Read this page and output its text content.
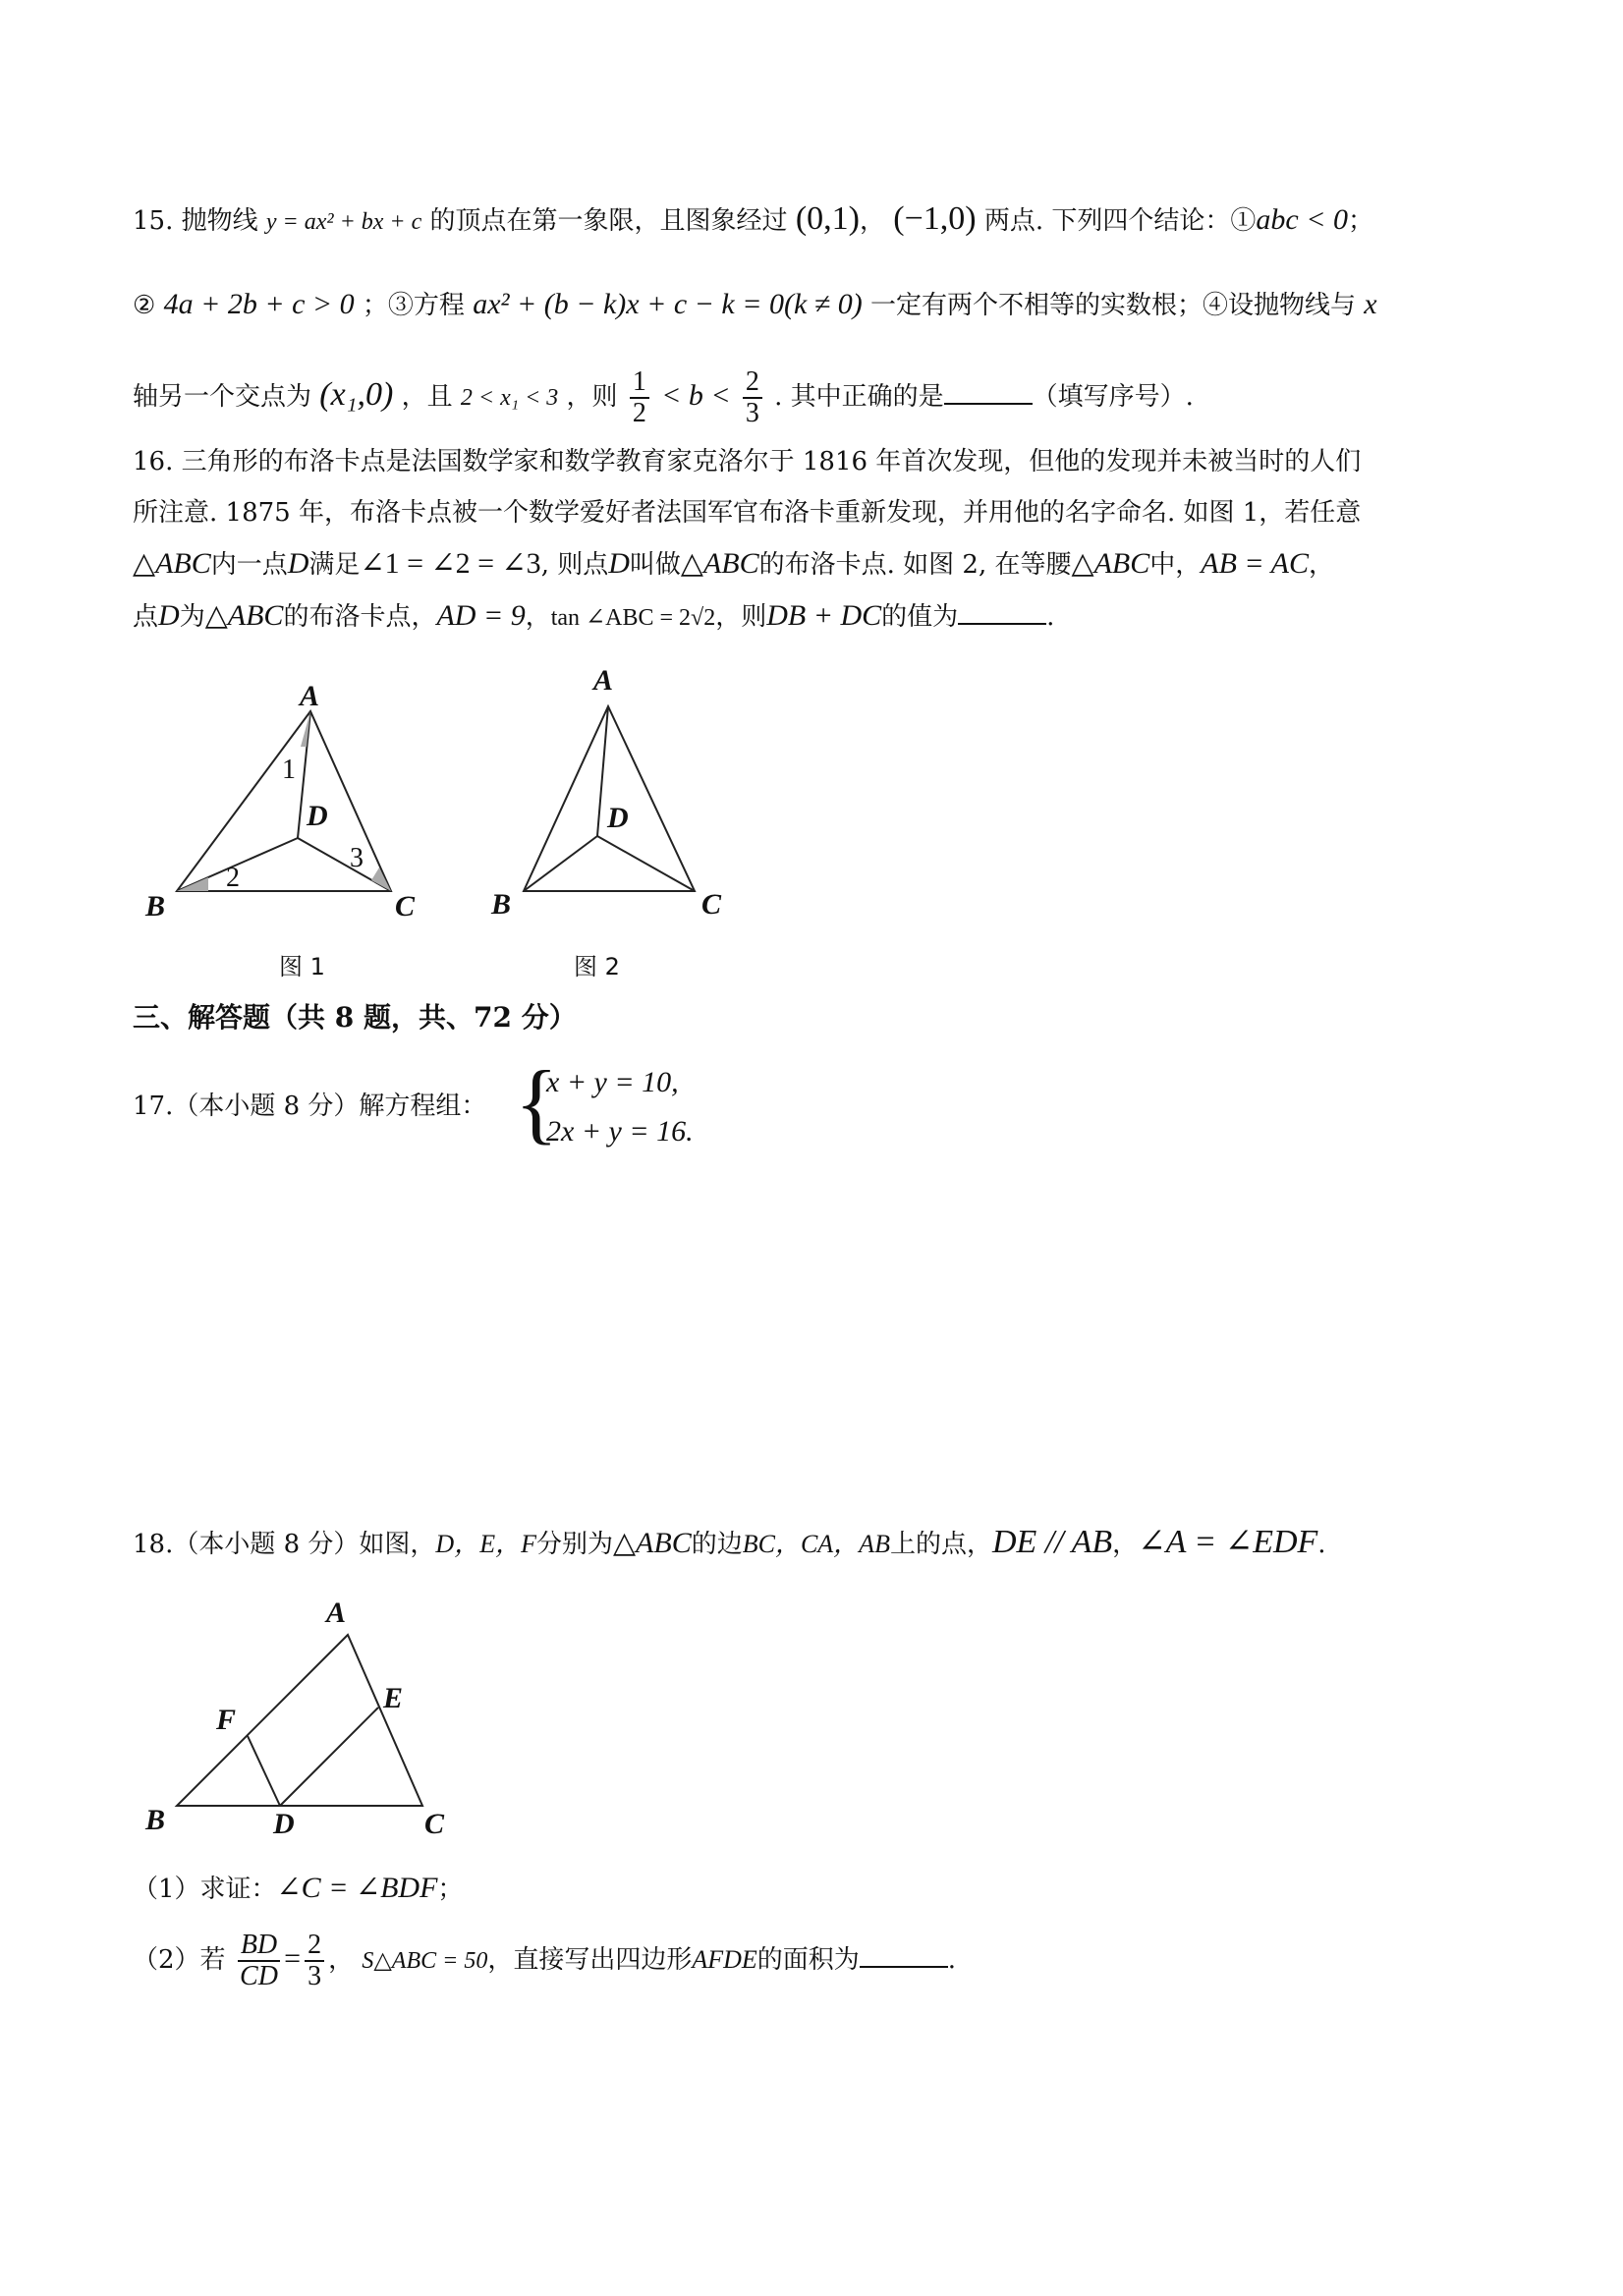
15. 抛物线 y = ax² + bx + c 的顶点在第一象限，且图象经过 (0,1)， (−1,0) 两点. 下列四个结论：①abc < 0；
② 4a + 2b + c > 0 ；③方程 ax² + (b − k)x + c − k = 0(k ≠ 0) 一定有两个不相等的实数根；④设抛物线与 x
轴另一个交点为 (x₁,0) ，且 2 < x₁ < 3 ，则 $\frac{1}{2} < b < \frac{2}{3}$ . 其中正确的是	（填写序号）.
16. 三角形的布洛卡点是法国数学家和数学教育家克洛尔于 1816 年首次发现，但他的发现并未被当时的人们
所注意. 1875 年，布洛卡点被一个数学爱好者法国军官布洛卡重新发现，并用他的名字命名. 如图 1，若任意
△ABC内一点D满足∠1 = ∠2 = ∠3, 则点D叫做△ABC的布洛卡点. 如图 2, 在等腰△ABC中，AB = AC，
点D为△ABC的布洛卡点，AD = 9，tan ∠ABC = 2√2，则DB + DC的值为	.
A
B	C
D
1
2
3
A
B	C
D
A
B	C
D
E
F
图 1	图 2
三、解答题（共 8 题，共、72 分）
17.（本小题 8 分）解方程组： {
x + y = 10,
2x + y = 16.
18.（本小题 8 分）如图，D，E，F分别为△ABC的边BC，CA，AB上的点，DE // AB，∠A = ∠EDF.
（1）求证：∠C = ∠BDF；
（2）若 $\frac{BD}{CD} = \frac{2}{3}$ ， S△ABC = 50，直接写出四边形AFDE的面积为	.
